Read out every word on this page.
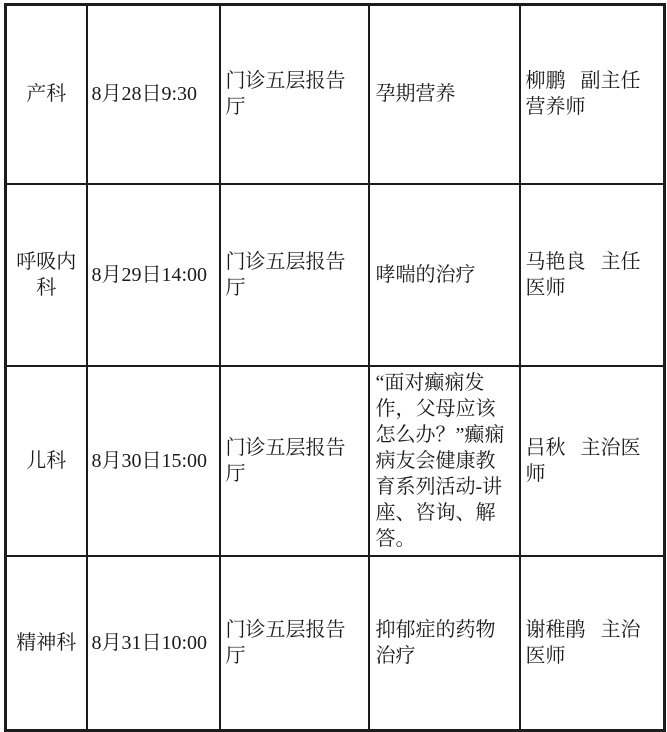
产科	8月28日9:30	门诊五层报告厅	孕期营养	柳鹏 副主任营养师
呼吸内科	8月29日14:00	门诊五层报告厅	哮喘的治疗	马艳良 主任医师
儿科	8月30日15:00	门诊五层报告厅	“面对癫痫发作，父母应该怎么办？”癫痫病友会健康教育系列活动-讲座、咨询、解答。	吕秋 主治医师
精神科	8月31日10:00	门诊五层报告厅	抑郁症的药物治疗	谢稚鹃 主治医师
